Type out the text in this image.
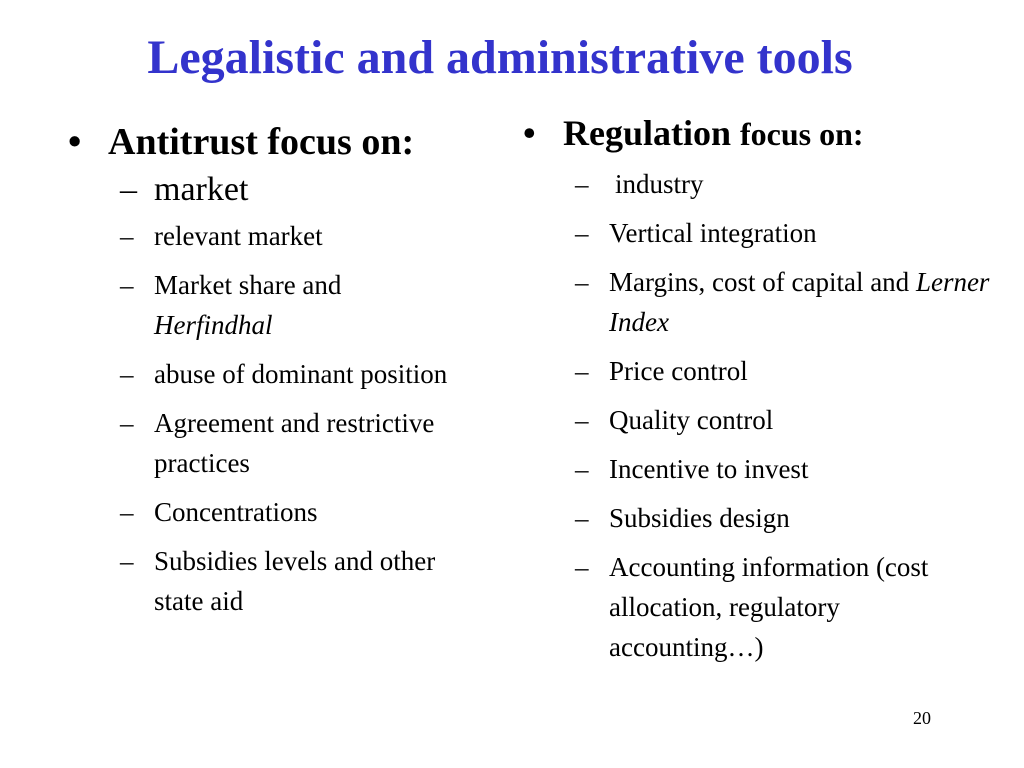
Legalistic and administrative tools
• Antitrust focus on:
– market
– relevant market
– Market share and
Herfindhal
– abuse of dominant position
– Agreement and restrictive practices
– Concentrations
– Subsidies levels and other state aid
• Regulation focus on:
– industry
– Vertical integration
– Margins, cost of capital and Lerner Index
– Price control
– Quality control
– Incentive to invest
– Subsidies design
– Accounting information (cost allocation, regulatory accounting…)
20
